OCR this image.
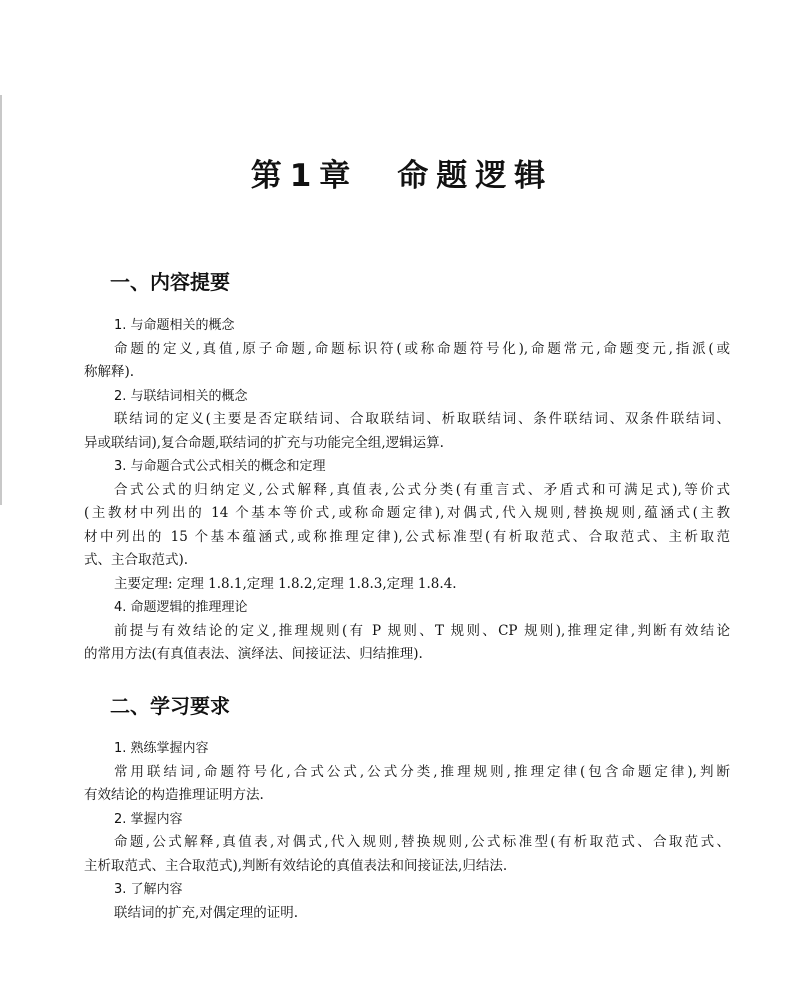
第1章　命题逻辑
一、内容提要
1. 与命题相关的概念
命题的定义,真值,原子命题,命题标识符(或称命题符号化),命题常元,命题变元,指派(或
称解释).
2. 与联结词相关的概念
联结词的定义(主要是否定联结词、合取联结词、析取联结词、条件联结词、双条件联结词、
异或联结词),复合命题,联结词的扩充与功能完全组,逻辑运算.
3. 与命题合式公式相关的概念和定理
合式公式的归纳定义,公式解释,真值表,公式分类(有重言式、矛盾式和可满足式),等价式
(主教材中列出的 14 个基本等价式,或称命题定律),对偶式,代入规则,替换规则,蕴涵式(主教
材中列出的 15 个基本蕴涵式,或称推理定律),公式标准型(有析取范式、合取范式、主析取范
式、主合取范式).
主要定理: 定理 1.8.1,定理 1.8.2,定理 1.8.3,定理 1.8.4.
4. 命题逻辑的推理理论
前提与有效结论的定义,推理规则(有 P 规则、T 规则、CP 规则),推理定律,判断有效结论
的常用方法(有真值表法、演绎法、间接证法、归结推理).
二、学习要求
1. 熟练掌握内容
常用联结词,命题符号化,合式公式,公式分类,推理规则,推理定律(包含命题定律),判断
有效结论的构造推理证明方法.
2. 掌握内容
命题,公式解释,真值表,对偶式,代入规则,替换规则,公式标准型(有析取范式、合取范式、
主析取范式、主合取范式),判断有效结论的真值表法和间接证法,归结法.
3. 了解内容
联结词的扩充,对偶定理的证明.
